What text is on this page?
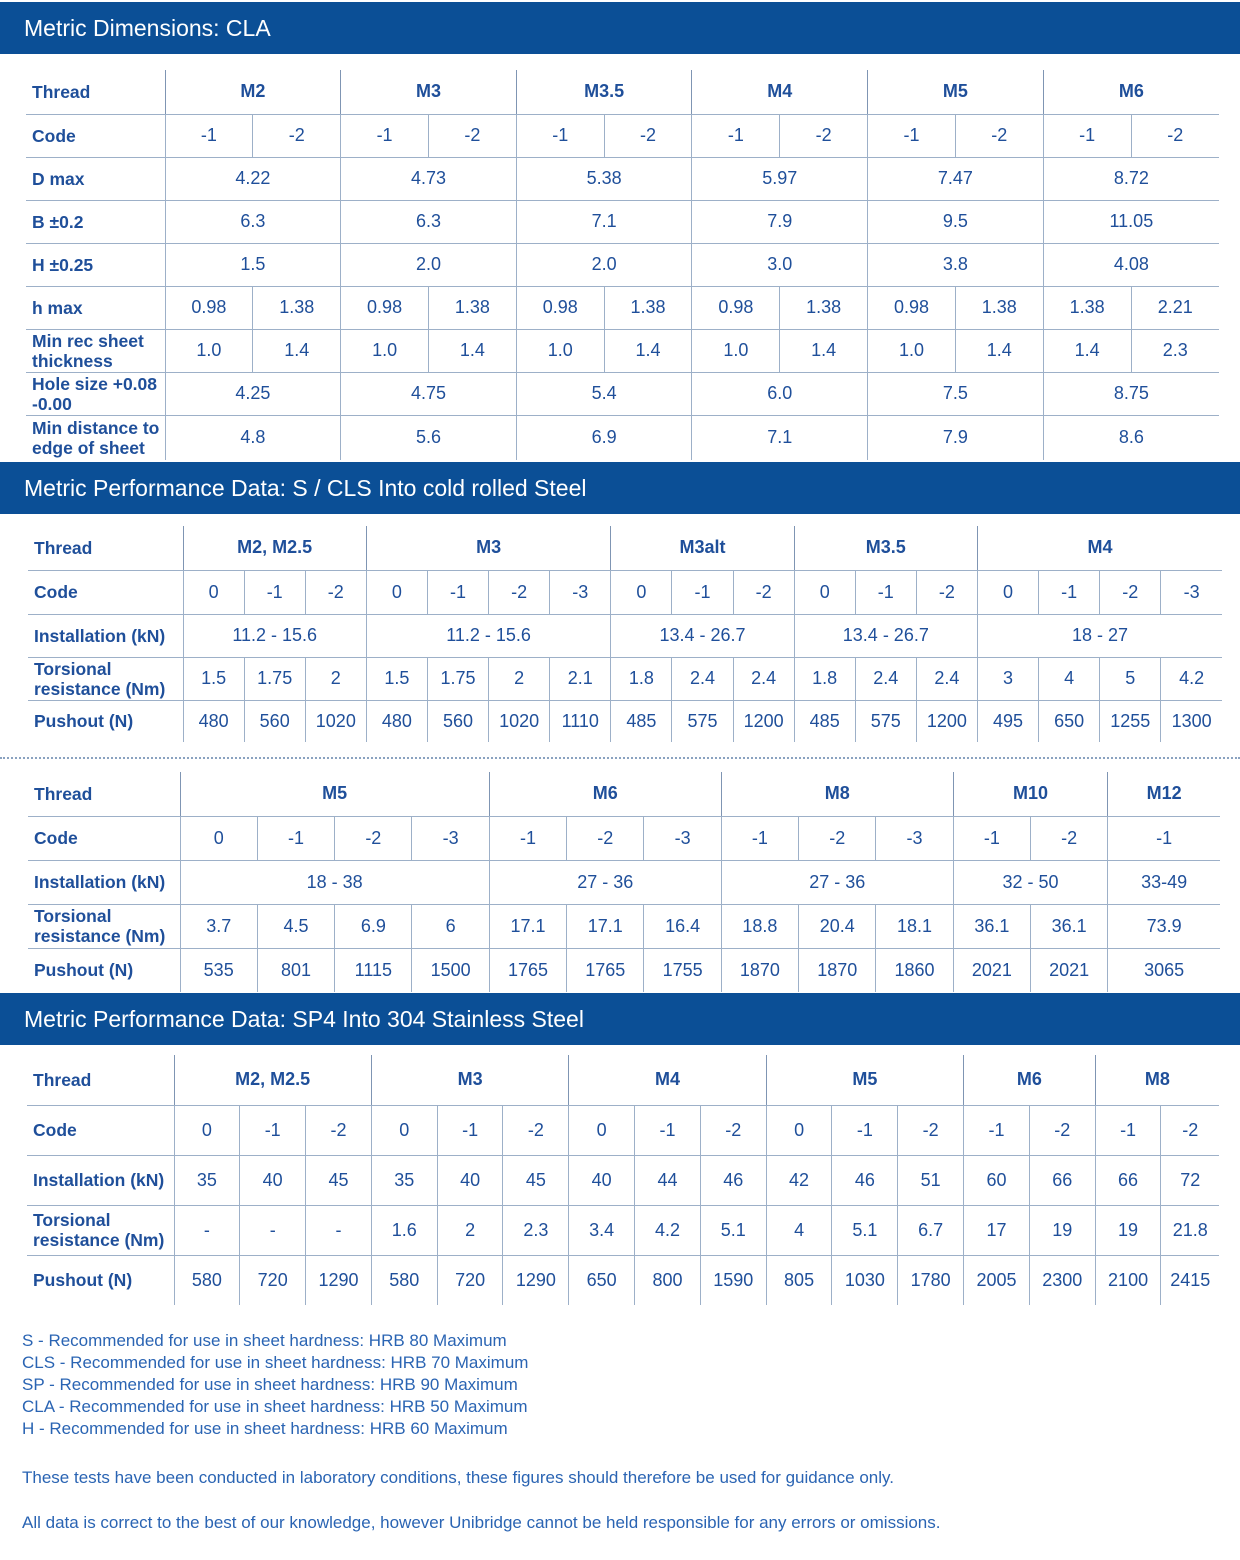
Metric Dimensions: CLA
Metric Performance Data: S / CLS Into cold rolled Steel
Metric Performance Data: SP4 Into 304 Stainless Steel
Thread	M2		M3		M3.5		M4		M5		M6	
Code	-1	-2	-1	-2	-1	-2	-1	-2	-1	-2	-1	-2
D max	4.22		4.73		5.38		5.97		7.47		8.72	
B ±0.2	6.3		6.3		7.1		7.9		9.5		11.05	
H ±0.25	1.5		2.0		2.0		3.0		3.8		4.08	
h max	0.98	1.38	0.98	1.38	0.98	1.38	0.98	1.38	0.98	1.38	1.38	2.21
Min rec sheet thickness	1.0	1.4	1.0	1.4	1.0	1.4	1.0	1.4	1.0	1.4	1.4	2.3
Hole size +0.08 -0.00	4.25		4.75		5.4		6.0		7.5		8.75	
Min distance to edge of sheet	4.8		5.6		6.9		7.1		7.9		8.6	
Thread	M2, M2.5			M3				M3alt			M3.5			M4			
Code	0	-1	-2	0	-1	-2	-3	0	-1	-2	0	-1	-2	0	-1	-2	-3
Installation (kN)	11.2 - 15.6			11.2 - 15.6				13.4 - 26.7			13.4 - 26.7			18 - 27			
Torsional resistance (Nm)	1.5	1.75	2	1.5	1.75	2	2.1	1.8	2.4	2.4	1.8	2.4	2.4	3	4	5	4.2
Pushout (N)	480	560	1020	480	560	1020	1110	485	575	1200	485	575	1200	495	650	1255	1300
Thread	M5				M6			M8			M10		M12
Code	0	-1	-2	-3	-1	-2	-3	-1	-2	-3	-1	-2	-1
Installation (kN)	18 - 38				27 - 36			27 - 36			32 - 50		33-49
Torsional resistance (Nm)	3.7	4.5	6.9	6	17.1	17.1	16.4	18.8	20.4	18.1	36.1	36.1	73.9
Pushout (N)	535	801	1115	1500	1765	1765	1755	1870	1870	1860	2021	2021	3065
Thread	M2, M2.5			M3			M4			M5			M6		M8	
Code	0	-1	-2	0	-1	-2	0	-1	-2	0	-1	-2	-1	-2	-1	-2
Installation (kN)	35	40	45	35	40	45	40	44	46	42	46	51	60	66	66	72
Torsional resistance (Nm)	-	-	-	1.6	2	2.3	3.4	4.2	5.1	4	5.1	6.7	17	19	19	21.8
Pushout (N)	580	720	1290	580	720	1290	650	800	1590	805	1030	1780	2005	2300	2100	2415
S - Recommended for use in sheet hardness: HRB 80 Maximum
CLS - Recommended for use in sheet hardness: HRB 70 Maximum
SP - Recommended for use in sheet hardness: HRB 90 Maximum
CLA - Recommended for use in sheet hardness: HRB 50 Maximum
H - Recommended for use in sheet hardness: HRB 60 Maximum
These tests have been conducted in laboratory conditions, these figures should therefore be used for guidance only.
All data is correct to the best of our knowledge, however Unibridge cannot be held responsible for any errors or omissions.
